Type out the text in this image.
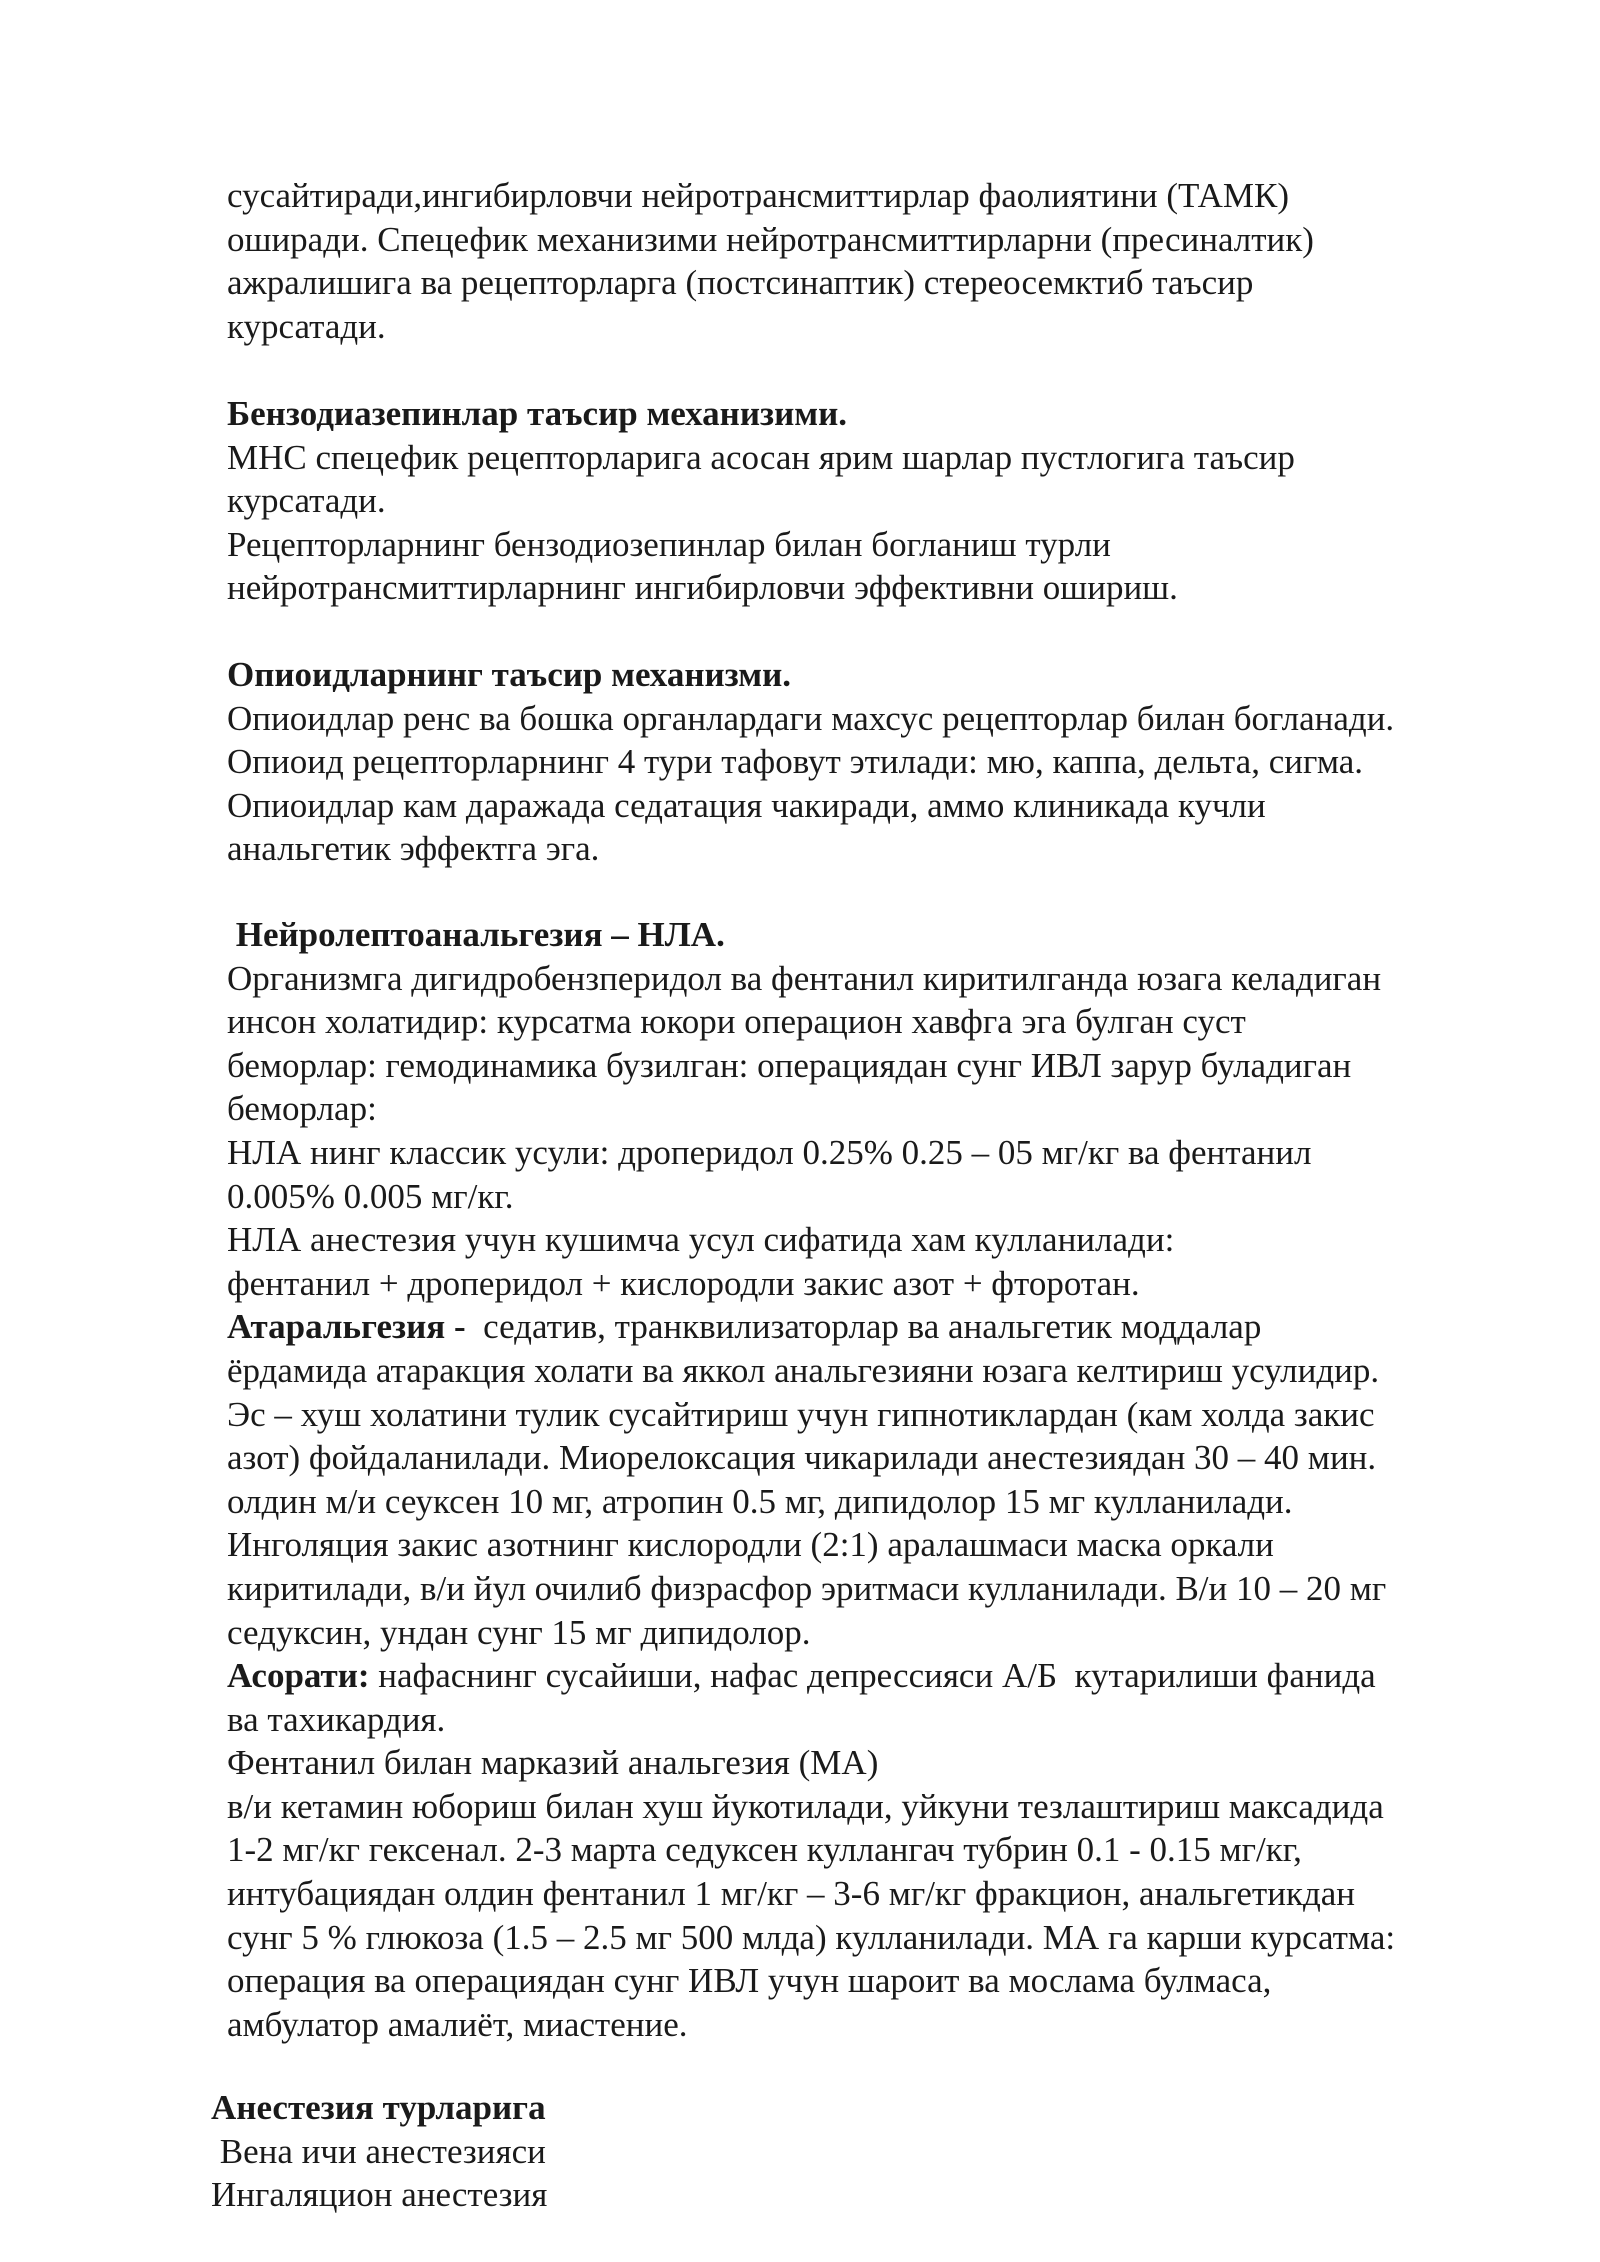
сусайтиради,ингибирловчи нейротрансмиттирлар фаолиятини (ТАМК)
оширади. Спецефик механизими нейротрансмиттирларни (пресиналтик)
ажралишига ва рецепторларга (постсинаптик) стереосемктиб таъсир
курсатади.
Бензодиазепинлар таъсир механизими.
МНС спецефик рецепторларига асосан ярим шарлар пустлогига таъсир
курсатади.
Рецепторларнинг бензодиозепинлар билан богланиш турли
нейротрансмиттирларнинг ингибирловчи эффективни ошириш.
Опиоидларнинг таъсир механизми.
Опиоидлар ренс ва бошка органлардаги махсус рецепторлар билан богланади.
Опиоид рецепторларнинг 4 тури тафовут этилади: мю, каппа, дельта, сигма.
Опиоидлар кам даражада седатация чакиради, аммо клиникада кучли
анальгетик эффектга эга.
Нейролептоанальгезия – НЛА.
Организмга дигидробензперидол ва фентанил киритилганда юзага келадиган
инсон холатидир: курсатма юкори операцион хавфга эга булган суст
беморлар: гемодинамика бузилган: операциядан сунг ИВЛ зарур буладиган
беморлар:
НЛА нинг классик усули: дроперидол 0.25% 0.25 – 05 мг/кг ва фентанил
0.005% 0.005 мг/кг.
НЛА анестезия учун кушимча усул сифатида хам кулланилади:
фентанил + дроперидол + кислородли закис азот + фторотан.
Атаральгезия -  седатив, транквилизаторлар ва анальгетик моддалар
ёрдамида атаракция холати ва яккол анальгезияни юзага келтириш усулидир.
Эс – хуш холатини тулик сусайтириш учун гипнотиклардан (кам холда закис
азот) фойдаланилади. Миорелоксация чикарилади анестезиядан 30 – 40 мин.
олдин м/и сеуксен 10 мг, атропин 0.5 мг, дипидолор 15 мг кулланилади.
Инголяция закис азотнинг кислородли (2:1) аралашмаси маска оркали
киритилади, в/и йул очилиб физрасфор эритмаси кулланилади. В/и 10 – 20 мг
седуксин, ундан сунг 15 мг дипидолор.
Асорати: нафаснинг сусайиши, нафас депрессияси А/Б  кутарилиши фанида
ва тахикардия.
Фентанил билан марказий анальгезия (МА)
в/и кетамин юбориш билан хуш йукотилади, уйкуни тезлаштириш максадида
1-2 мг/кг гексенал. 2-3 марта седуксен куллангач тубрин 0.1 - 0.15 мг/кг,
интубациядан олдин фентанил 1 мг/кг – 3-6 мг/кг фракцион, анальгетикдан
сунг 5 % глюкоза (1.5 – 2.5 мг 500 млда) кулланилади. МА га карши курсатма:
операция ва операциядан сунг ИВЛ учун шароит ва мослама булмаса,
амбулатор амалиёт, миастение.
Анестезия турларига
Вена ичи анестезияси
Ингаляцион анестезия
